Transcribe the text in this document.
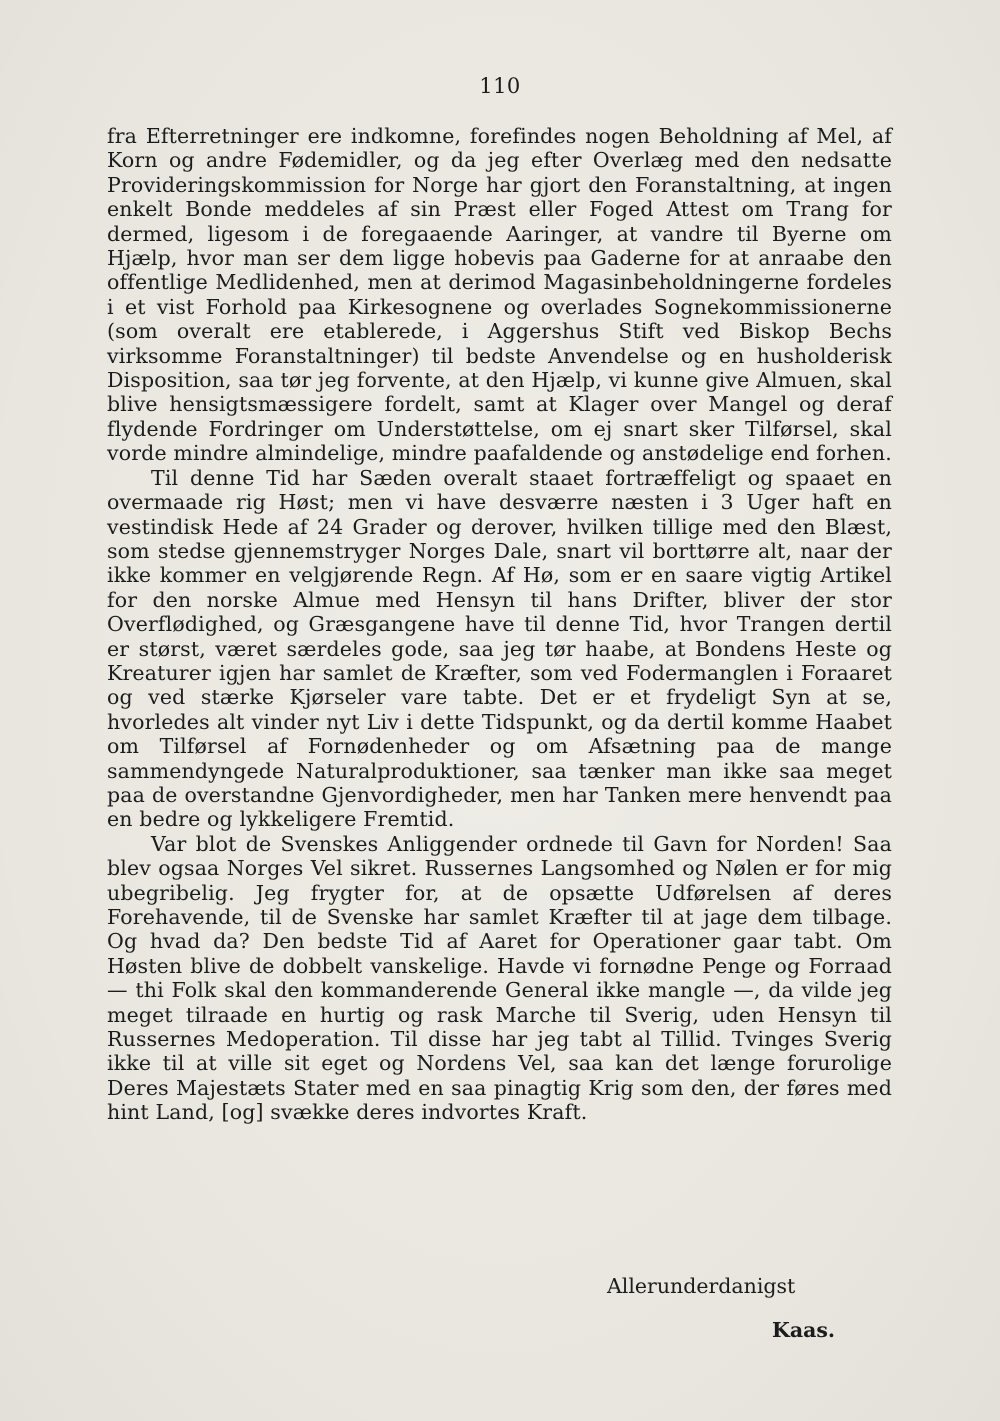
110

fra Efterretninger ere indkomne, forefindes nogen Beholdning af Mel, af Korn og andre Fødemidler, og da jeg efter Overlæg med den nedsatte Provideringskommission for Norge har gjort den Foranstaltning, at ingen enkelt Bonde meddeles af sin Præst eller Foged Attest om Trang for dermed, ligesom i de foregaaende Aaringer, at vandre til Byerne om Hjælp, hvor man ser dem ligge hobevis paa Gaderne for at anraabe den offentlige Medlidenhed, men at derimod Magasinbeholdningerne fordeles i et vist Forhold paa Kirkesognene og overlades Sognekommissionerne (som overalt ere etablerede, i Aggershus Stift ved Biskop Bechs virksomme Foranstaltninger) til bedste Anvendelse og en husholderisk Disposition, saa tør jeg forvente, at den Hjælp, vi kunne give Almuen, skal blive hensigtsmæssigere fordelt, samt at Klager over Mangel og deraf flydende Fordringer om Understøttelse, om ej snart sker Tilførsel, skal vorde mindre almindelige, mindre paafaldende og anstødelige end forhen.

Til denne Tid har Sæden overalt staaet fortræffeligt og spaaet en overmaade rig Høst; men vi have desværre næsten i 3 Uger haft en vestindisk Hede af 24 Grader og derover, hvilken tillige med den Blæst, som stedse gjennemstryger Norges Dale, snart vil borttørre alt, naar der ikke kommer en velgjørende Regn. Af Hø, som er en saare vigtig Artikel for den norske Almue med Hensyn til hans Drifter, bliver der stor Overflødighed, og Græsgangene have til denne Tid, hvor Trangen dertil er størst, været særdeles gode, saa jeg tør haabe, at Bondens Heste og Kreaturer igjen har samlet de Kræfter, som ved Fodermanglen i Foraaret og ved stærke Kjørseler vare tabte. Det er et frydeligt Syn at se, hvorledes alt vinder nyt Liv i dette Tidspunkt, og da dertil komme Haabet om Tilførsel af Fornødenheder og om Afsætning paa de mange sammendyngede Naturalproduktioner, saa tænker man ikke saa meget paa de overstandne Gjenvordigheder, men har Tanken mere henvendt paa en bedre og lykkeligere Fremtid.

Var blot de Svenskes Anliggender ordnede til Gavn for Norden! Saa blev ogsaa Norges Vel sikret. Russernes Langsomhed og Nølen er for mig ubegribelig. Jeg frygter for, at de opsætte Udførelsen af deres Forehavende, til de Svenske har samlet Kræfter til at jage dem tilbage. Og hvad da? Den bedste Tid af Aaret for Operationer gaar tabt. Om Høsten blive de dobbelt vanskelige. Havde vi fornødne Penge og Forraad — thi Folk skal den kommanderende General ikke mangle —, da vilde jeg meget tilraade en hurtig og rask Marche til Sverig, uden Hensyn til Russernes Medoperation. Til disse har jeg tabt al Tillid. Tvinges Sverig ikke til at ville sit eget og Nordens Vel, saa kan det længe forurolige Deres Majestæts Stater med en saa pinagtig Krig som den, der føres med hint Land, [og] svække deres indvortes Kraft.

Allerunderdanigst
Kaas.
